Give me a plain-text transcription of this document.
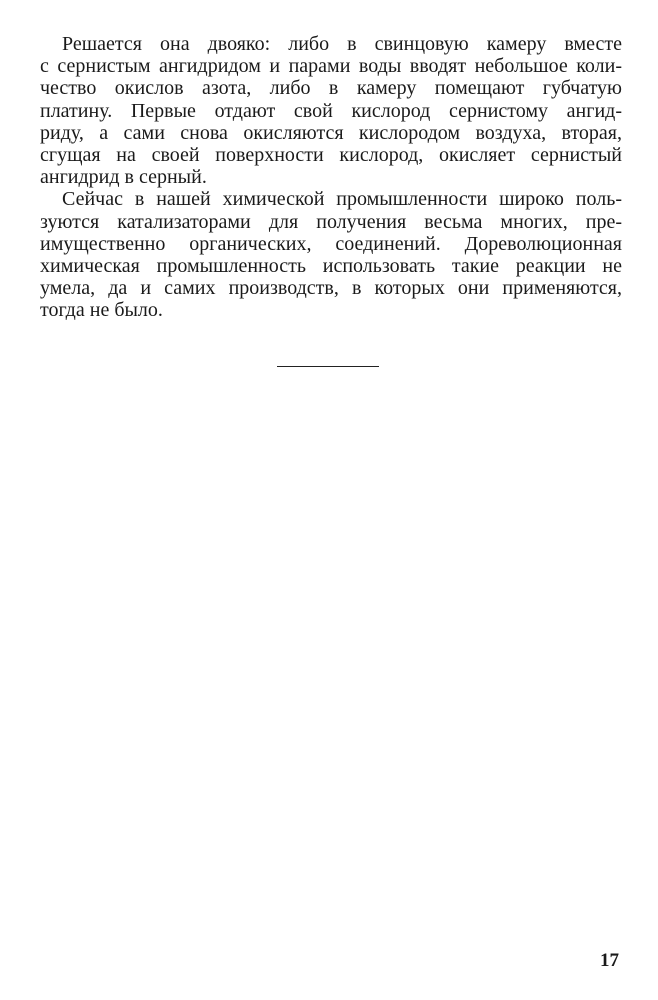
Решается она двояко: либо в свинцовую камеру вместе
с сернистым ангидридом и парами воды вводят небольшое коли-
чество окислов азота, либо в камеру помещают губчатую
платину. Первые отдают свой кислород сернистому ангид-
риду, а сами снова окисляются кислородом воздуха, вторая,
сгущая на своей поверхности кислород, окисляет сернистый
ангидрид в серный.
Сейчас в нашей химической промышленности широко поль-
зуются катализаторами для получения весьма многих, пре-
имущественно органических, соединений. Дореволюционная
химическая промышленность использовать такие реакции не
умела, да и самих производств, в которых они применяются,
тогда не было.
17
